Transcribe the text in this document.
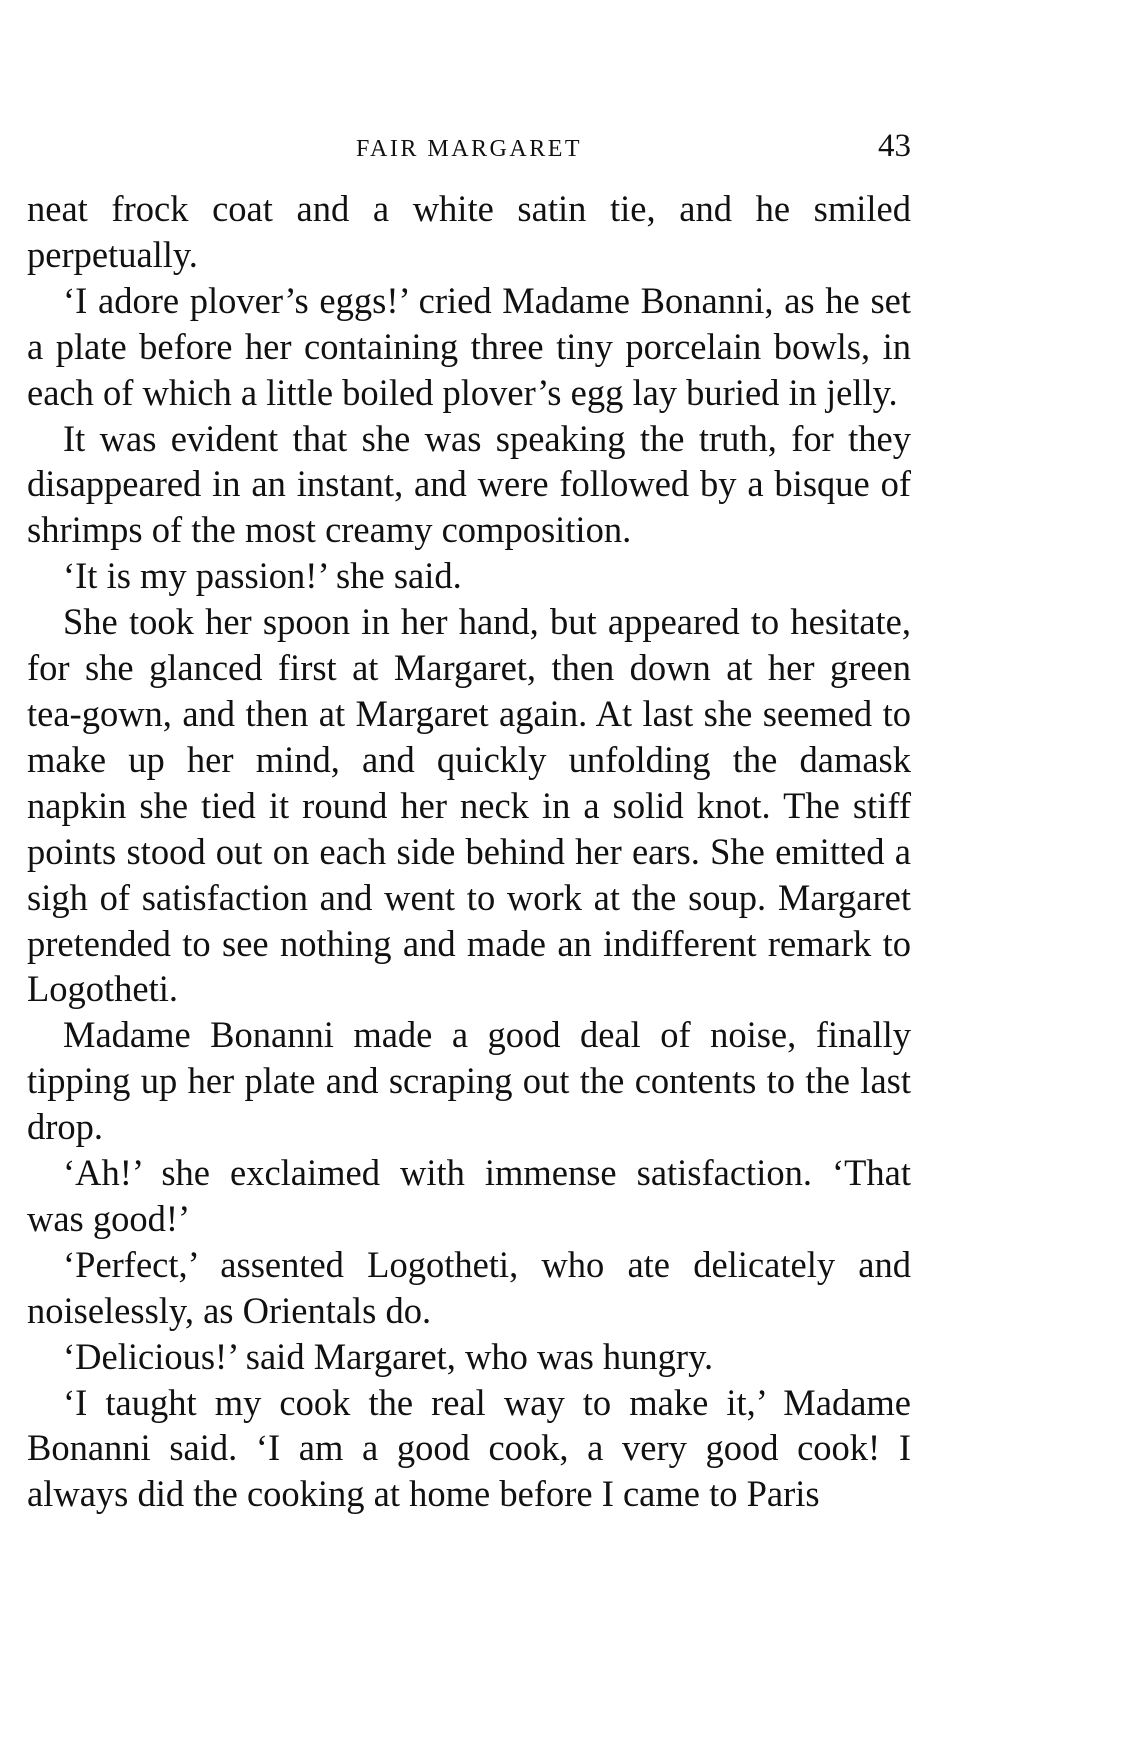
FAIR MARGARET	43

neat frock coat and a white satin tie, and he smiled perpetually.

‘I adore plover’s eggs!’ cried Madame Bonanni, as he set a plate before her containing three tiny porcelain bowls, in each of which a little boiled plover’s egg lay buried in jelly.

It was evident that she was speaking the truth, for they disappeared in an instant, and were followed by a bisque of shrimps of the most creamy composition.

‘It is my passion!’ she said.

She took her spoon in her hand, but appeared to hesitate, for she glanced first at Margaret, then down at her green tea-gown, and then at Margaret again. At last she seemed to make up her mind, and quickly unfolding the damask napkin she tied it round her neck in a solid knot. The stiff points stood out on each side behind her ears. She emitted a sigh of satisfaction and went to work at the soup. Margaret pretended to see nothing and made an indifferent remark to Logotheti.

Madame Bonanni made a good deal of noise, finally tipping up her plate and scraping out the contents to the last drop.

‘Ah!’ she exclaimed with immense satisfaction. ‘That was good!’

‘Perfect,’ assented Logotheti, who ate delicately and noiselessly, as Orientals do.

‘Delicious!’ said Margaret, who was hungry.

‘I taught my cook the real way to make it,’ Madame Bonanni said. ‘I am a good cook, a very good cook! I always did the cooking at home before I came to Paris
